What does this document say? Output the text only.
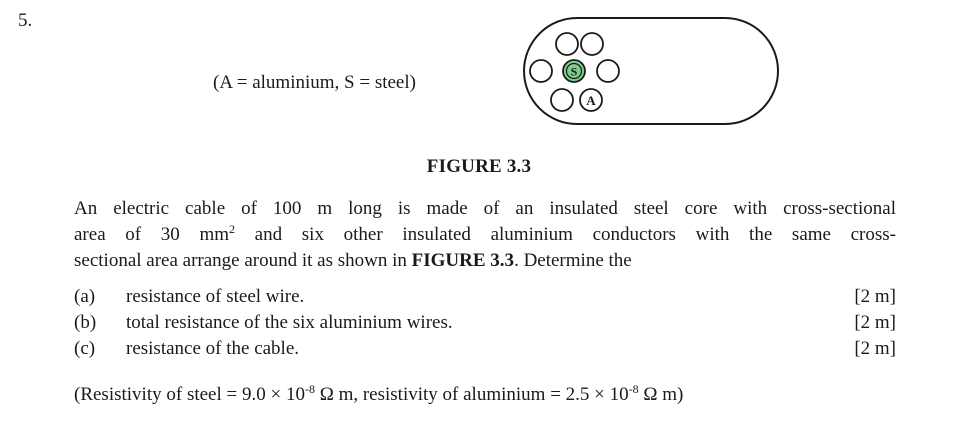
5.
(A = aluminium, S = steel)
A
S
FIGURE 3.3
An electric cable of 100 m long is made of an insulated steel core with cross-sectional
area of 30 $mm^2$ and six other insulated aluminium conductors with the same cross-
sectional area arrange around it as shown in FIGURE 3.3. Determine the
(a) resistance of steel wire.	[2 m]
(b) total resistance of the six aluminium wires.	[2 m]
(c) resistance of the cable.	[2 m]
(Resistivity of steel = $9.0 \times 10^{-8}$ Ω m, resistivity of aluminium = $2.5 \times 10^{-8}$ Ω m)
